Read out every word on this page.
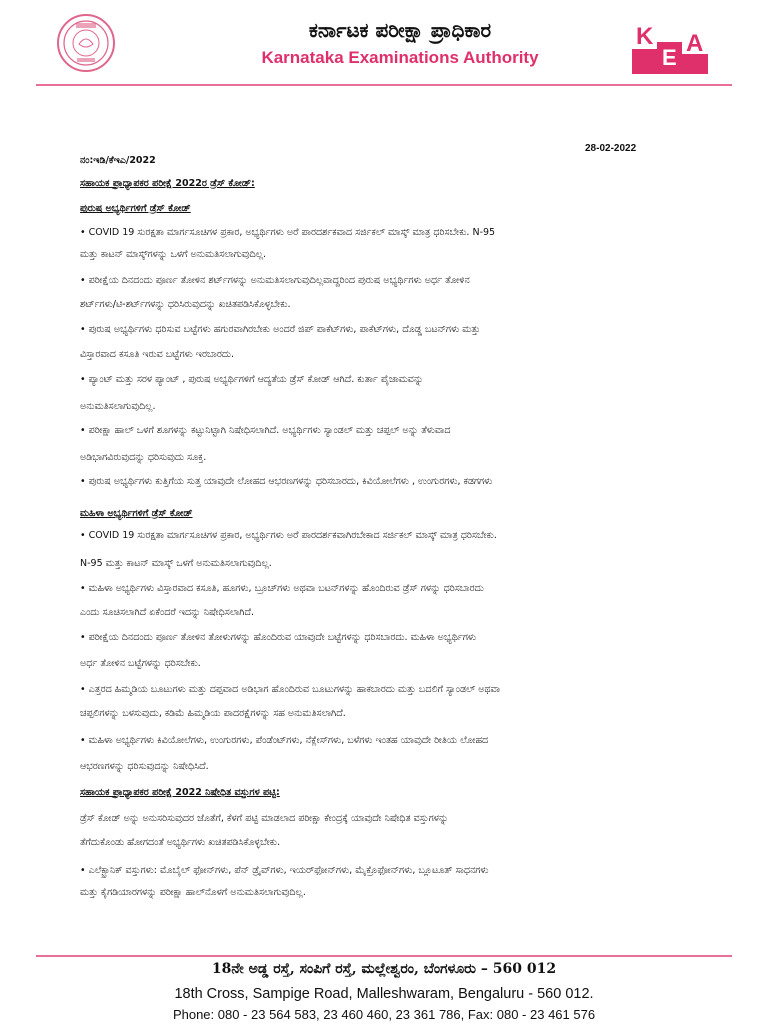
ಕರ್ನಾಟಕ ಪರೀಕ್ಷಾ ಪ್ರಾಧಿಕಾರ
Karnataka Examinations Authority
K
E
A
28-02-2022
ನಂ:ಇಡಿ/ಕೆಇಎ/2022
ಸಹಾಯಕ ಪ್ರಾಧ್ಯಾಪಕರ ಪರೀಕ್ಷೆ 2022ರ ಡ್ರೆಸ್ ಕೋಡ್:
ಪುರುಷ ಅಭ್ಯರ್ಥಿಗಳಿಗೆ ಡ್ರೆಸ್ ಕೋಡ್
• COVID 19 ಸುರಕ್ಷತಾ ಮಾರ್ಗಸೂಚಿಗಳ ಪ್ರಕಾರ, ಅಭ್ಯರ್ಥಿಗಳು ಅರೆ ಪಾರದರ್ಶಕವಾದ ಸರ್ಜಿಕಲ್ ಮಾಸ್ಕ್ ಮಾತ್ರ ಧರಿಸಬೇಕು. N-95
ಮತ್ತು ಕಾಟನ್ ಮಾಸ್ಕ್‌ಗಳನ್ನು ಒಳಗೆ ಅನುಮತಿಸಲಾಗುವುದಿಲ್ಲ.
• ಪರೀಕ್ಷೆಯ ದಿನದಂದು ಪೂರ್ಣ ತೋಳಿನ ಶರ್ಟ್‌ಗಳನ್ನು ಅನುಮತಿಸಲಾಗುವುದಿಲ್ಲವಾದ್ದರಿಂದ ಪುರುಷ ಅಭ್ಯರ್ಥಿಗಳು ಅರ್ಧ ತೋಳಿನ
ಶರ್ಟ್‌ಗಳು/ಟಿ-ಶರ್ಟ್‌ಗಳನ್ನು ಧರಿಸಿರುವುದನ್ನು ಖಚಿತಪಡಿಸಿಕೊಳ್ಳಬೇಕು.
• ಪುರುಷ ಅಭ್ಯರ್ಥಿಗಳು ಧರಿಸುವ ಬಟ್ಟೆಗಳು ಹಗುರವಾಗಿರಬೇಕು ಅಂದರೆ ಜಿಪ್ ಪಾಕೆಟ್‌ಗಳು, ಪಾಕೆಟ್‌ಗಳು, ದೊಡ್ಡ ಬಟನ್‌ಗಳು ಮತ್ತು
ವಿಸ್ತಾರವಾದ ಕಸೂತಿ ಇರುವ ಬಟ್ಟೆಗಳು ಇರಬಾರದು.
• ಪ್ಯಾಂಟ್ ಮತ್ತು ಸರಳ ಪ್ಯಾಂಟ್ , ಪುರುಷ ಅಭ್ಯರ್ಥಿಗಳಿಗೆ ಆದ್ಯತೆಯ ಡ್ರೆಸ್ ಕೋಡ್ ಆಗಿದೆ. ಕುರ್ತಾ ಪೈಜಾಮವನ್ನು
ಅನುಮತಿಸಲಾಗುವುದಿಲ್ಲ.
• ಪರೀಕ್ಷಾ ಹಾಲ್ ಒಳಗೆ ಶೂಗಳನ್ನು ಕಟ್ಟುನಿಟ್ಟಾಗಿ ನಿಷೇಧಿಸಲಾಗಿದೆ. ಅಭ್ಯರ್ಥಿಗಳು ಸ್ಯಾಂಡಲ್ ಮತ್ತು ಚಪ್ಪಲ್ ಅನ್ನು ತೆಳುವಾದ
ಅಡಿಭಾಗವಿರುವುದನ್ನು ಧರಿಸುವುದು ಸೂಕ್ತ.
• ಪುರುಷ ಅಭ್ಯರ್ಥಿಗಳು ಕುತ್ತಿಗೆಯ ಸುತ್ತ ಯಾವುದೇ ಲೋಹದ ಆಭರಣಗಳನ್ನು ಧರಿಸಬಾರದು, ಕಿವಿಯೋಲೆಗಳು , ಉಂಗುರಗಳು, ಕಡಗಗಳು
ಮಹಿಳಾ ಅಭ್ಯರ್ಥಿಗಳಿಗೆ ಡ್ರೆಸ್ ಕೋಡ್
• COVID 19 ಸುರಕ್ಷತಾ ಮಾರ್ಗಸೂಚಿಗಳ ಪ್ರಕಾರ, ಅಭ್ಯರ್ಥಿಗಳು ಅರೆ ಪಾರದರ್ಶಕವಾಗಿರಬೇಕಾದ ಸರ್ಜಿಕಲ್ ಮಾಸ್ಕ್ ಮಾತ್ರ ಧರಿಸಬೇಕು.
N-95 ಮತ್ತು ಕಾಟನ್ ಮಾಸ್ಕ್ ಒಳಗೆ ಅನುಮತಿಸಲಾಗುವುದಿಲ್ಲ.
• ಮಹಿಳಾ ಅಭ್ಯರ್ಥಿಗಳು ವಿಸ್ತಾರವಾದ ಕಸೂತಿ, ಹೂಗಳು, ಬ್ರೂಚ್‌ಗಳು ಅಥವಾ ಬಟನ್‌ಗಳನ್ನು ಹೊಂದಿರುವ ಡ್ರೆಸ್ ಗಳನ್ನು ಧರಿಸಬಾರದು
ಎಂದು ಸೂಚಿಸಲಾಗಿದೆ ಏಕೆಂದರೆ ಇದನ್ನು ನಿಷೇಧಿಸಲಾಗಿದೆ.
• ಪರೀಕ್ಷೆಯ ದಿನದಂದು ಪೂರ್ಣ ತೋಳಿನ ತೋಳುಗಳನ್ನು ಹೊಂದಿರುವ ಯಾವುದೇ ಬಟ್ಟೆಗಳನ್ನು ಧರಿಸಬಾರದು. ಮಹಿಳಾ ಅಭ್ಯರ್ಥಿಗಳು
ಅರ್ಧ ತೋಳಿನ ಬಟ್ಟೆಗಳನ್ನು ಧರಿಸಬೇಕು.
• ಎತ್ತರದ ಹಿಮ್ಮಡಿಯ ಬೂಟುಗಳು ಮತ್ತು ದಪ್ಪವಾದ ಅಡಿಭಾಗ ಹೊಂದಿರುವ ಬೂಟುಗಳನ್ನು ಹಾಕಬಾರದು ಮತ್ತು ಬದಲಿಗೆ ಸ್ಯಾಂಡಲ್ ಅಥವಾ
ಚಪ್ಪಲಿಗಳನ್ನು ಬಳಸುವುದು, ಕಡಿಮೆ ಹಿಮ್ಮಡಿಯ ಪಾದರಕ್ಷೆಗಳನ್ನು ಸಹ ಅನುಮತಿಸಲಾಗಿದೆ.
• ಮಹಿಳಾ ಅಭ್ಯರ್ಥಿಗಳು ಕಿವಿಯೋಲೆಗಳು, ಉಂಗುರಗಳು, ಪೆಂಡೆಂಟ್‌ಗಳು, ನೆಕ್ಲೇಸ್‌ಗಳು, ಬಳೆಗಳು ಇಂತಹ ಯಾವುದೇ ರೀತಿಯ ಲೋಹದ
ಆಭರಣಗಳನ್ನು ಧರಿಸುವುದನ್ನು ನಿಷೇಧಿಸಿದೆ.
ಸಹಾಯಕ ಪ್ರಾಧ್ಯಾಪಕರ ಪರೀಕ್ಷೆ 2022 ನಿಷೇಧಿತ ವಸ್ತುಗಳ ಪಟ್ಟಿ:
ಡ್ರೆಸ್ ಕೋಡ್ ಅನ್ನು ಅನುಸರಿಸುವುದರ ಜೊತೆಗೆ, ಕೆಳಗೆ ಪಟ್ಟಿ ಮಾಡಲಾದ ಪರೀಕ್ಷಾ ಕೇಂದ್ರಕ್ಕೆ ಯಾವುದೇ ನಿಷೇಧಿತ ವಸ್ತುಗಳನ್ನು
ತೆಗೆದುಕೊಂಡು ಹೋಗದಂತೆ ಅಭ್ಯರ್ಥಿಗಳು ಖಚಿತಪಡಿಸಿಕೊಳ್ಳಬೇಕು.
• ಎಲೆಕ್ಟ್ರಾನಿಕ್ ವಸ್ತುಗಳು: ಮೊಬೈಲ್ ಫೋನ್‌ಗಳು, ಪೆನ್ ಡ್ರೈವ್‌ಗಳು, ಇಯರ್‌ಫೋನ್‌ಗಳು, ಮೈಕ್ರೊಫೋನ್‌ಗಳು, ಬ್ಲೂಟೂತ್ ಸಾಧನಗಳು
ಮತ್ತು ಕೈಗಡಿಯಾರಗಳನ್ನು ಪರೀಕ್ಷಾ ಹಾಲ್‌ನೊಳಗೆ ಅನುಮತಿಸಲಾಗುವುದಿಲ್ಲ.
18ನೇ ಅಡ್ಡ ರಸ್ತೆ, ಸಂಪಿಗೆ ರಸ್ತೆ, ಮಲ್ಲೇಶ್ವರಂ, ಬೆಂಗಳೂರು – 560 012
18th Cross, Sampige Road, Malleshwaram, Bengaluru - 560 012.
Phone: 080 - 23 564 583, 23 460 460, 23 361 786, Fax: 080 - 23 461 576
